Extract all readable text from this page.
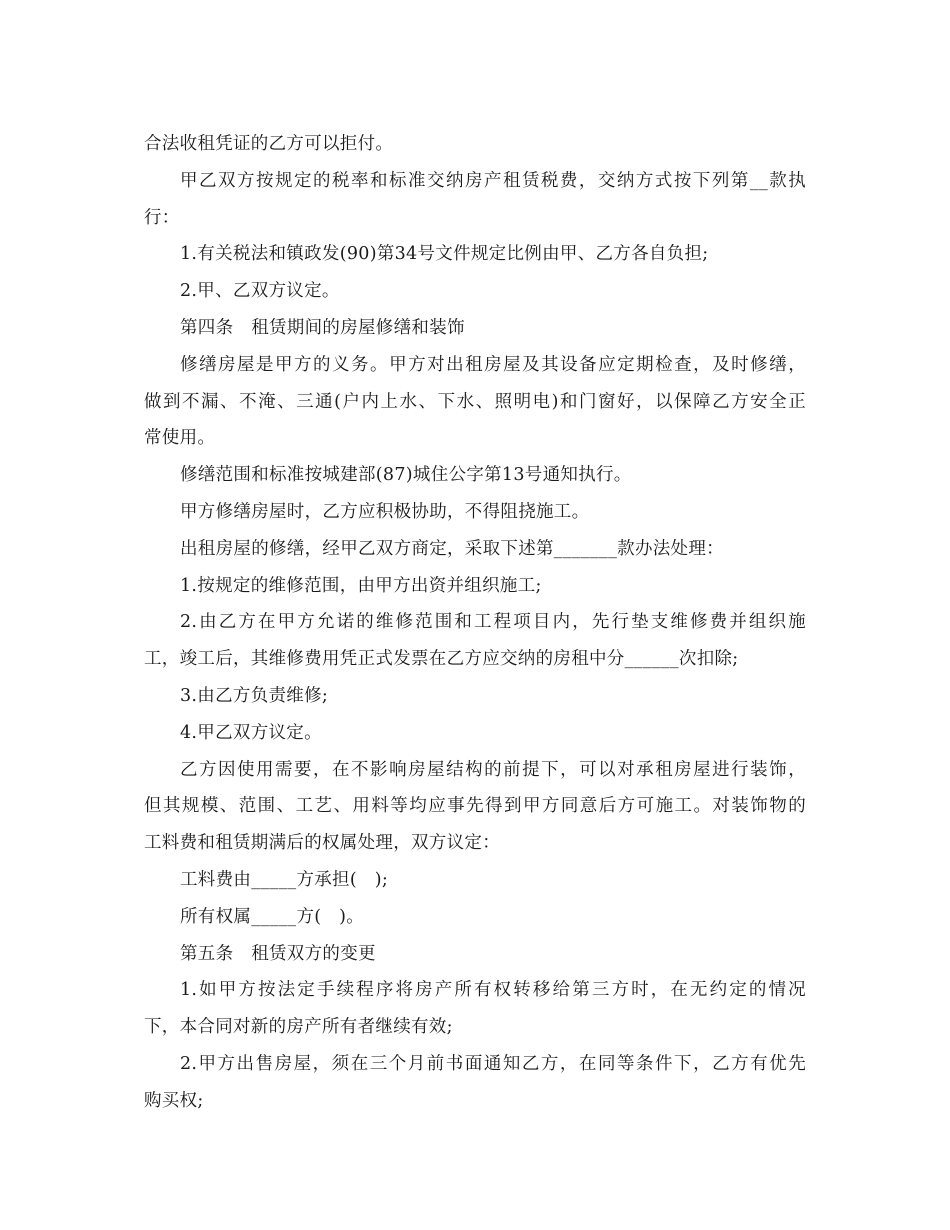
合法收租凭证的乙方可以拒付。
甲乙双方按规定的税率和标准交纳房产租赁税费，交纳方式按下列第__款执
行：
1.有关税法和镇政发(90)第34号文件规定比例由甲、乙方各自负担;
2.甲、乙双方议定。
第四条　租赁期间的房屋修缮和装饰
修缮房屋是甲方的义务。甲方对出租房屋及其设备应定期检查，及时修缮，
做到不漏、不淹、三通(户内上水、下水、照明电)和门窗好，以保障乙方安全正
常使用。
修缮范围和标准按城建部(87)城住公字第13号通知执行。
甲方修缮房屋时，乙方应积极协助，不得阻挠施工。
出租房屋的修缮，经甲乙双方商定，采取下述第_______款办法处理：
1.按规定的维修范围，由甲方出资并组织施工;
2.由乙方在甲方允诺的维修范围和工程项目内，先行垫支维修费并组织施
工，竣工后，其维修费用凭正式发票在乙方应交纳的房租中分______次扣除;
3.由乙方负责维修;
4.甲乙双方议定。
乙方因使用需要，在不影响房屋结构的前提下，可以对承租房屋进行装饰，
但其规模、范围、工艺、用料等均应事先得到甲方同意后方可施工。对装饰物的
工料费和租赁期满后的权属处理，双方议定：
工料费由_____方承担(　);
所有权属_____方(　)。
第五条　租赁双方的变更
1.如甲方按法定手续程序将房产所有权转移给第三方时，在无约定的情况
下，本合同对新的房产所有者继续有效;
2.甲方出售房屋，须在三个月前书面通知乙方，在同等条件下，乙方有优先
购买权;
